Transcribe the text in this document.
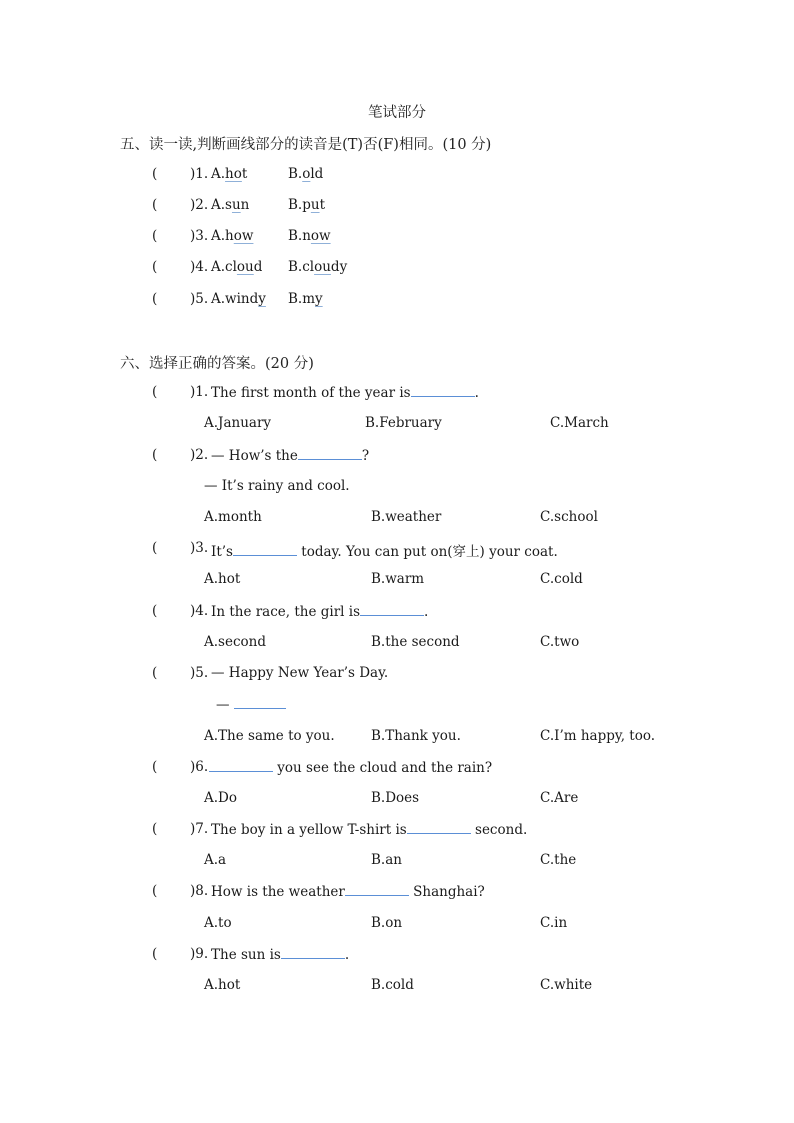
笔试部分
五、读一读,判断画线部分的读音是(T)否(F)相同。(10 分)
( )1. A.hot	B.old
( )2. A.sun	B.put
( )3. A.how	B.now
( )4. A.cloud B.cloudy
( )5. A.windy B.my
六、选择正确的答案。(20 分)
( )1. The first month of the year is	.
A.January	B.February	C.March
( )2. — How’s the	?
— It’s rainy and cool.
A.month	B.weather	C.school
( )3. It’s	today. You can put on(穿上) your coat.
A.hot	B.warm	C.cold
( )4. In the race, the girl is	.
A.second	B.the second	C.two
( )5. — Happy New Year’s Day.
—
A.The same to you.	B.Thank you.	C.I’m happy, too.
( )6.	you see the cloud and the rain?
A.Do	B.Does	C.Are
( )7. The boy in a yellow T-shirt is	second.
A.a	B.an	C.the
( )8. How is the weather	Shanghai?
A.to	B.on	C.in
( )9. The sun is	.
A.hot	B.cold	C.white
